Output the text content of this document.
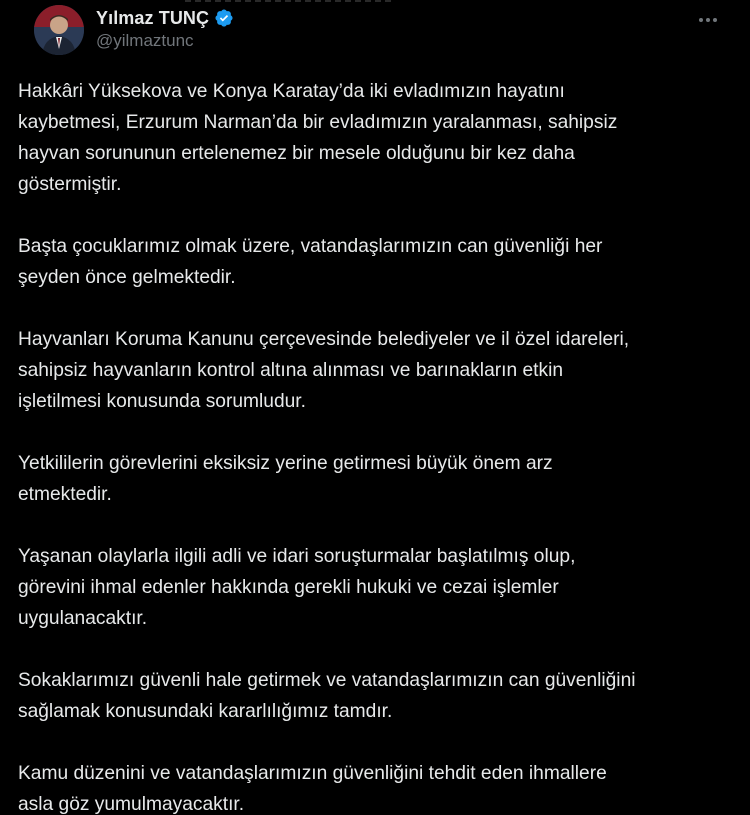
Yılmaz TUNÇ
@yilmaztunc

Hakkâri Yüksekova ve Konya Karatay’da iki evladımızın hayatını
kaybetmesi, Erzurum Narman’da bir evladımızın yaralanması, sahipsiz
hayvan sorununun ertelenemez bir mesele olduğunu bir kez daha
göstermiştir.

Başta çocuklarımız olmak üzere, vatandaşlarımızın can güvenliği her
şeyden önce gelmektedir.

Hayvanları Koruma Kanunu çerçevesinde belediyeler ve il özel idareleri,
sahipsiz hayvanların kontrol altına alınması ve barınakların etkin
işletilmesi konusunda sorumludur.

Yetkililerin görevlerini eksiksiz yerine getirmesi büyük önem arz
etmektedir.

Yaşanan olaylarla ilgili adli ve idari soruşturmalar başlatılmış olup,
görevini ihmal edenler hakkında gerekli hukuki ve cezai işlemler
uygulanacaktır.

Sokaklarımızı güvenli hale getirmek ve vatandaşlarımızın can güvenliğini
sağlamak konusundaki kararlılığımız tamdır.

Kamu düzenini ve vatandaşlarımızın güvenliğini tehdit eden ihmallere
asla göz yumulmayacaktır.
